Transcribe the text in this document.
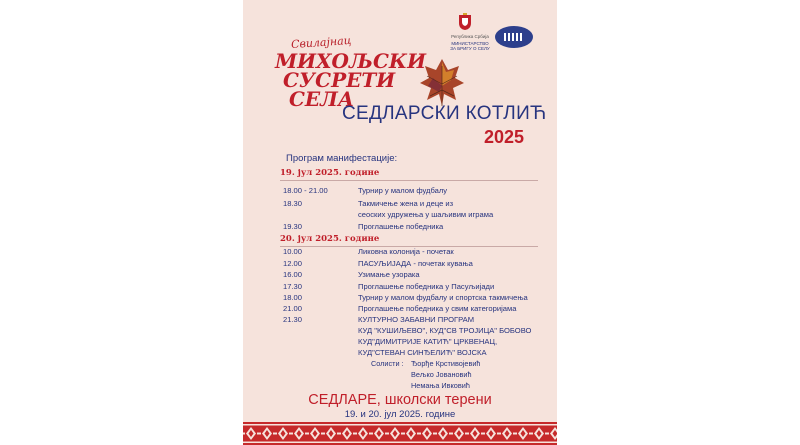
Свилајнац
МИХОЉСКИ
СУСРЕТИ
СЕЛА
СЕДЛАРСКИ КОТЛИЋ
2025
Република Србија
МИНИСТАРСТВО
ЗА БРИГУ О СЕЛУ
Програм манифестације:
19. јул 2025. године
18.00 - 21.00	Турнир у малом фудбалу
18.30	Такмичење жена и деце из
сеоских удружења у шаљивим играма
19.30	Проглашење победника
20. јул 2025. године
10.00	Ликовна колонија - почетак
12.00	ПАСУЉИЈАДА - почетак кувања
16.00	Узимање узорака
17.30	Проглашење победника у Пасуљијади
18.00	Турнир у малом фудбалу и спортска такмичења
21.00	Проглашење победника у свим категоријама
21.30	КУЛТУРНО ЗАБАВНИ ПРОГРАМ
КУД "КУШИЉЕВО", КУД"СВ ТРОЈИЦА" БОБОВО
КУД"ДИМИТРИЈЕ КАТИЋ" ЦРКВЕНАЦ,
КУД"СТЕВАН СИНЂЕЛИЋ" ВОЈСКА
Солисти : Ђорђе Крстивојевић
Вељко Јовановић
Немања Ивковић
СЕДЛАРЕ, школски терени
19. и 20. јул 2025. године
